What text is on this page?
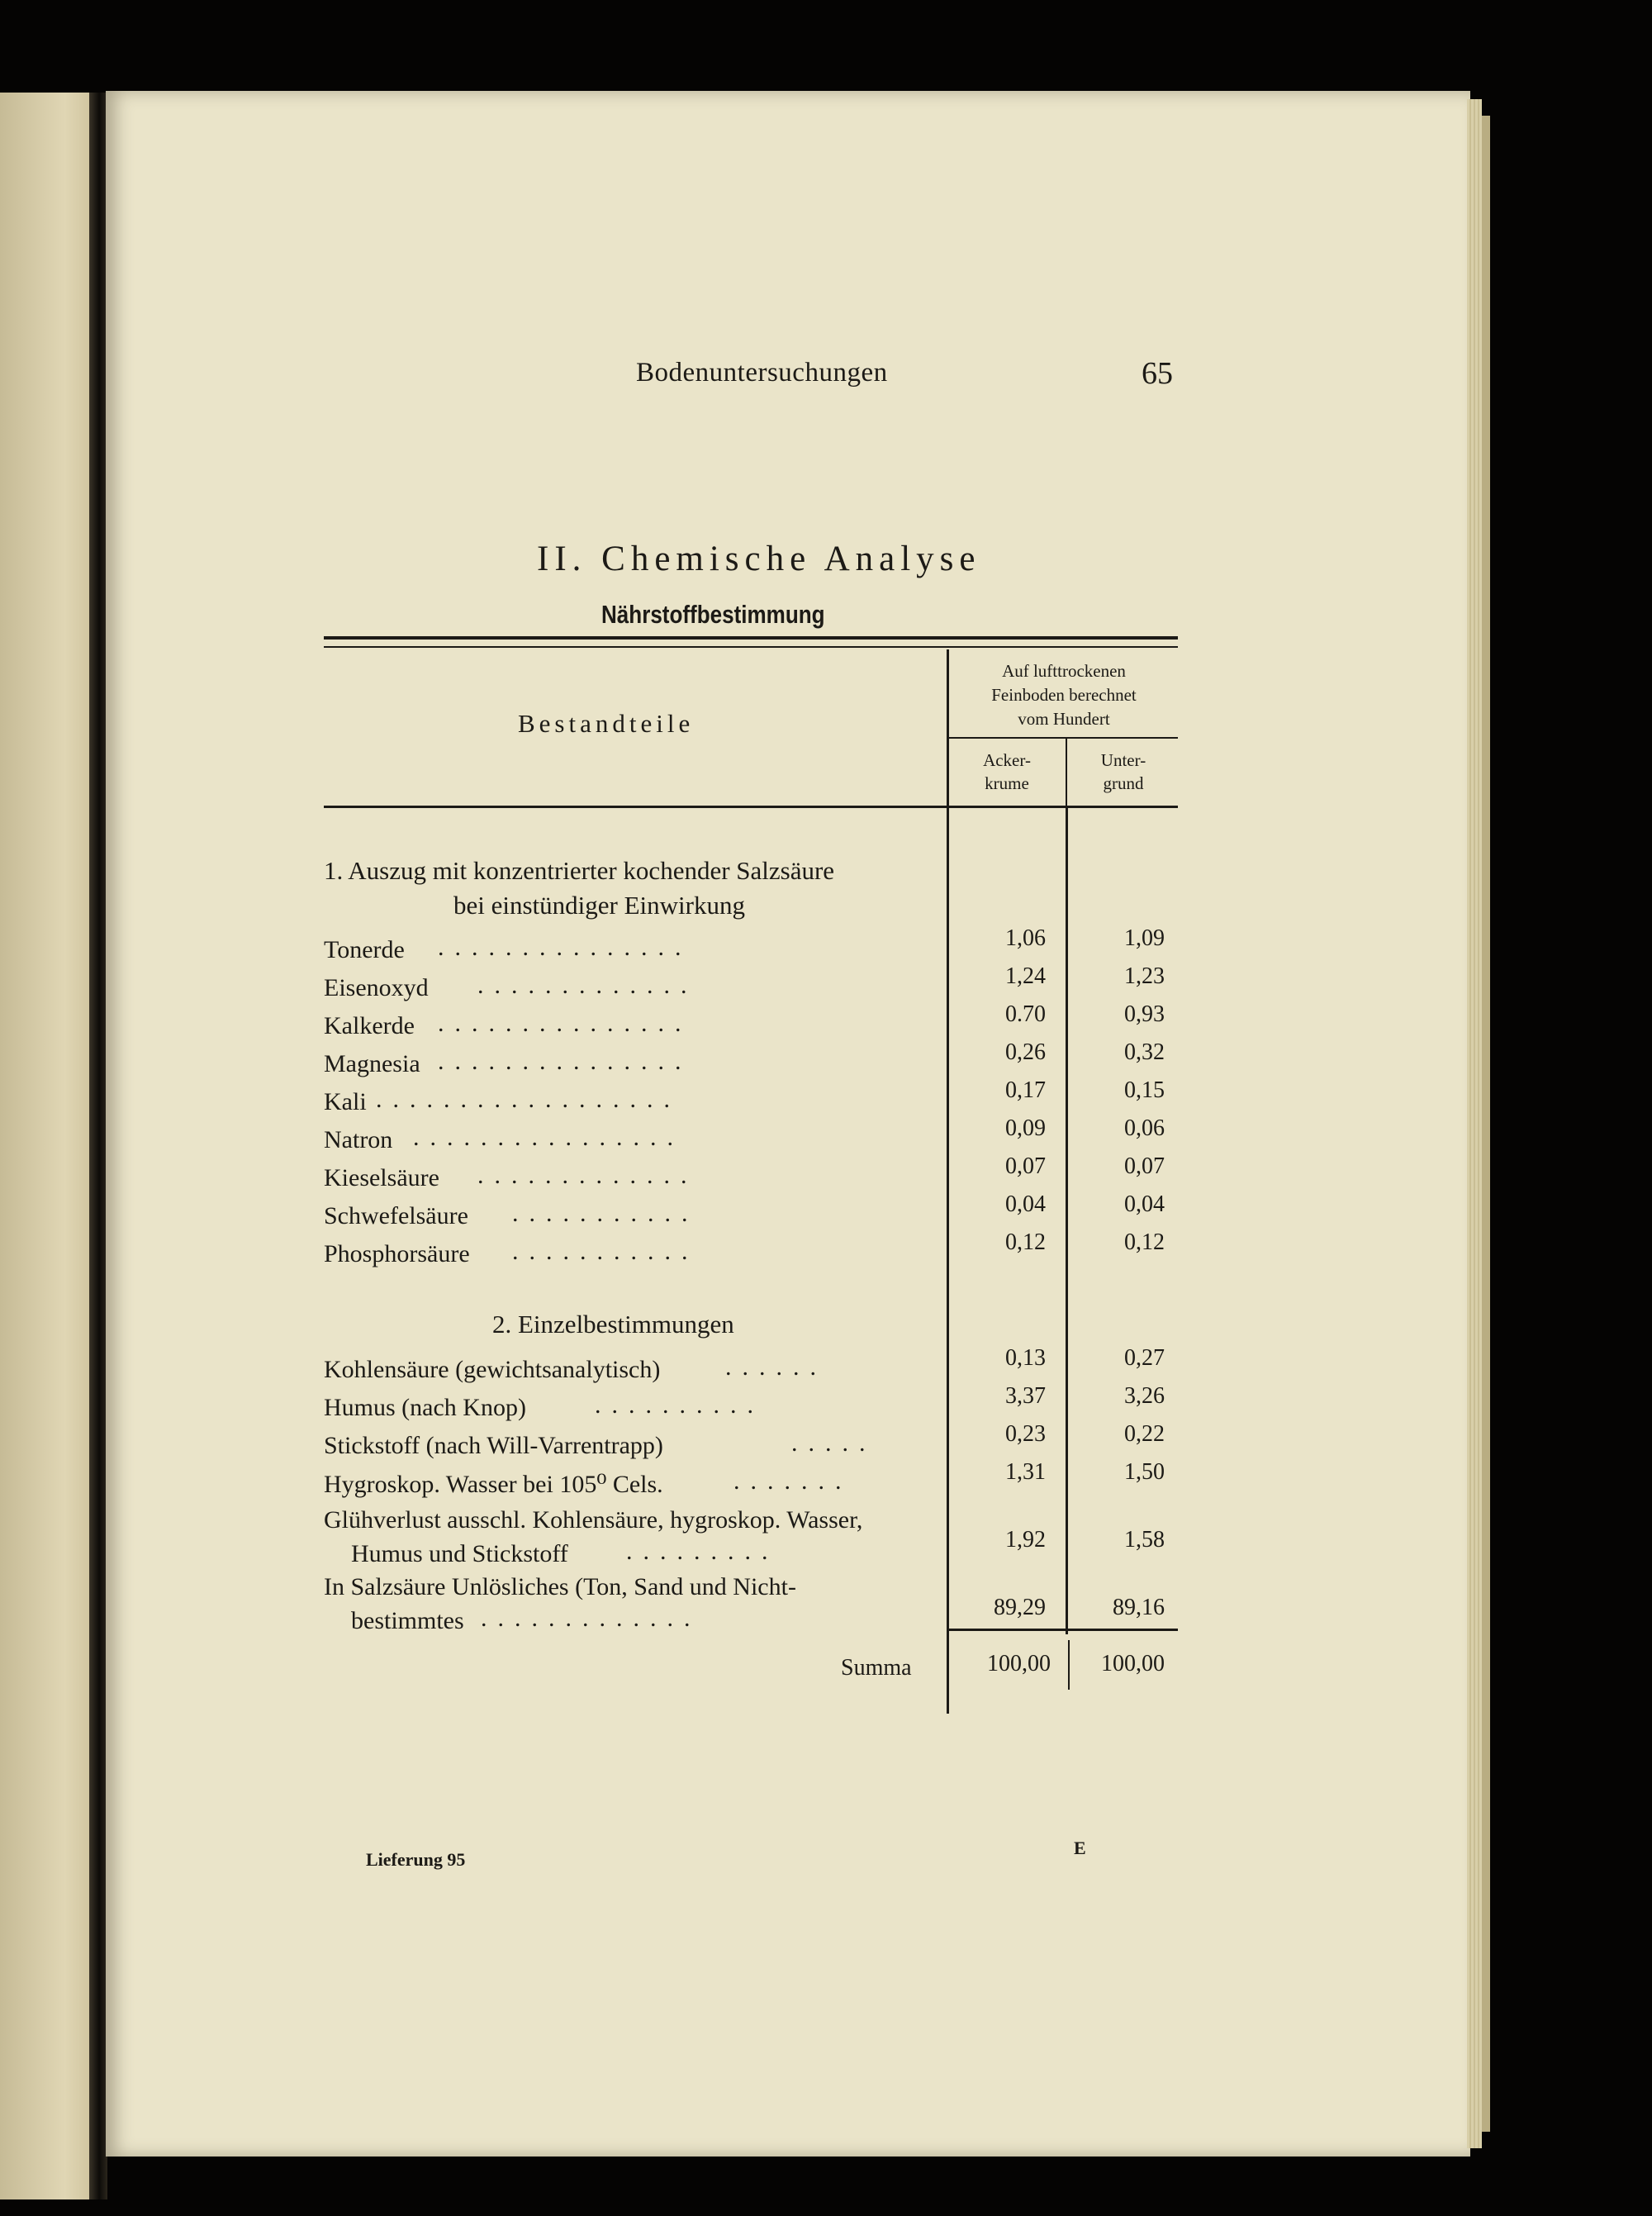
Bodenuntersuchungen	65
II. Chemische Analyse
Nährstoffbestimmung
Bestandteile
Auf lufttrockenen
Feinboden berechnet
vom Hundert
Acker-
krume
Unter-
grund
1. Auszug mit konzentrierter kochender Salzsäure
bei einstündiger Einwirkung
Tonerde ...............	1,06	1,09
Eisenoxyd .............	1,24	1,23
Kalkerde ...............	0.70	0,93
Magnesia ...............	0,26	0,32
Kali ..................	0,17	0,15
Natron ................	0,09	0,06
Kieselsäure .............	0,07	0,07
Schwefelsäure ...........	0,04	0,04
Phosphorsäure ...........	0,12	0,12
2. Einzelbestimmungen
Kohlensäure (gewichtsanalytisch)	......	0,13	0,27
Humus (nach Knop)	..........	3,37	3,26
Stickstoff (nach Will-Varrentrapp)	.....	0,23	0,22
Hygroskop. Wasser bei 105⁰ Cels.	.......	1,31	1,50
Glühverlust ausschl. Kohlensäure, hygroskop. Wasser,
Humus und Stickstoff .........	1,92	1,58
In Salzsäure Unlösliches (Ton, Sand und Nicht-
bestimmtes .............	89,29	89,16
Summa	100,00	100,00
Lieferung 95
E
